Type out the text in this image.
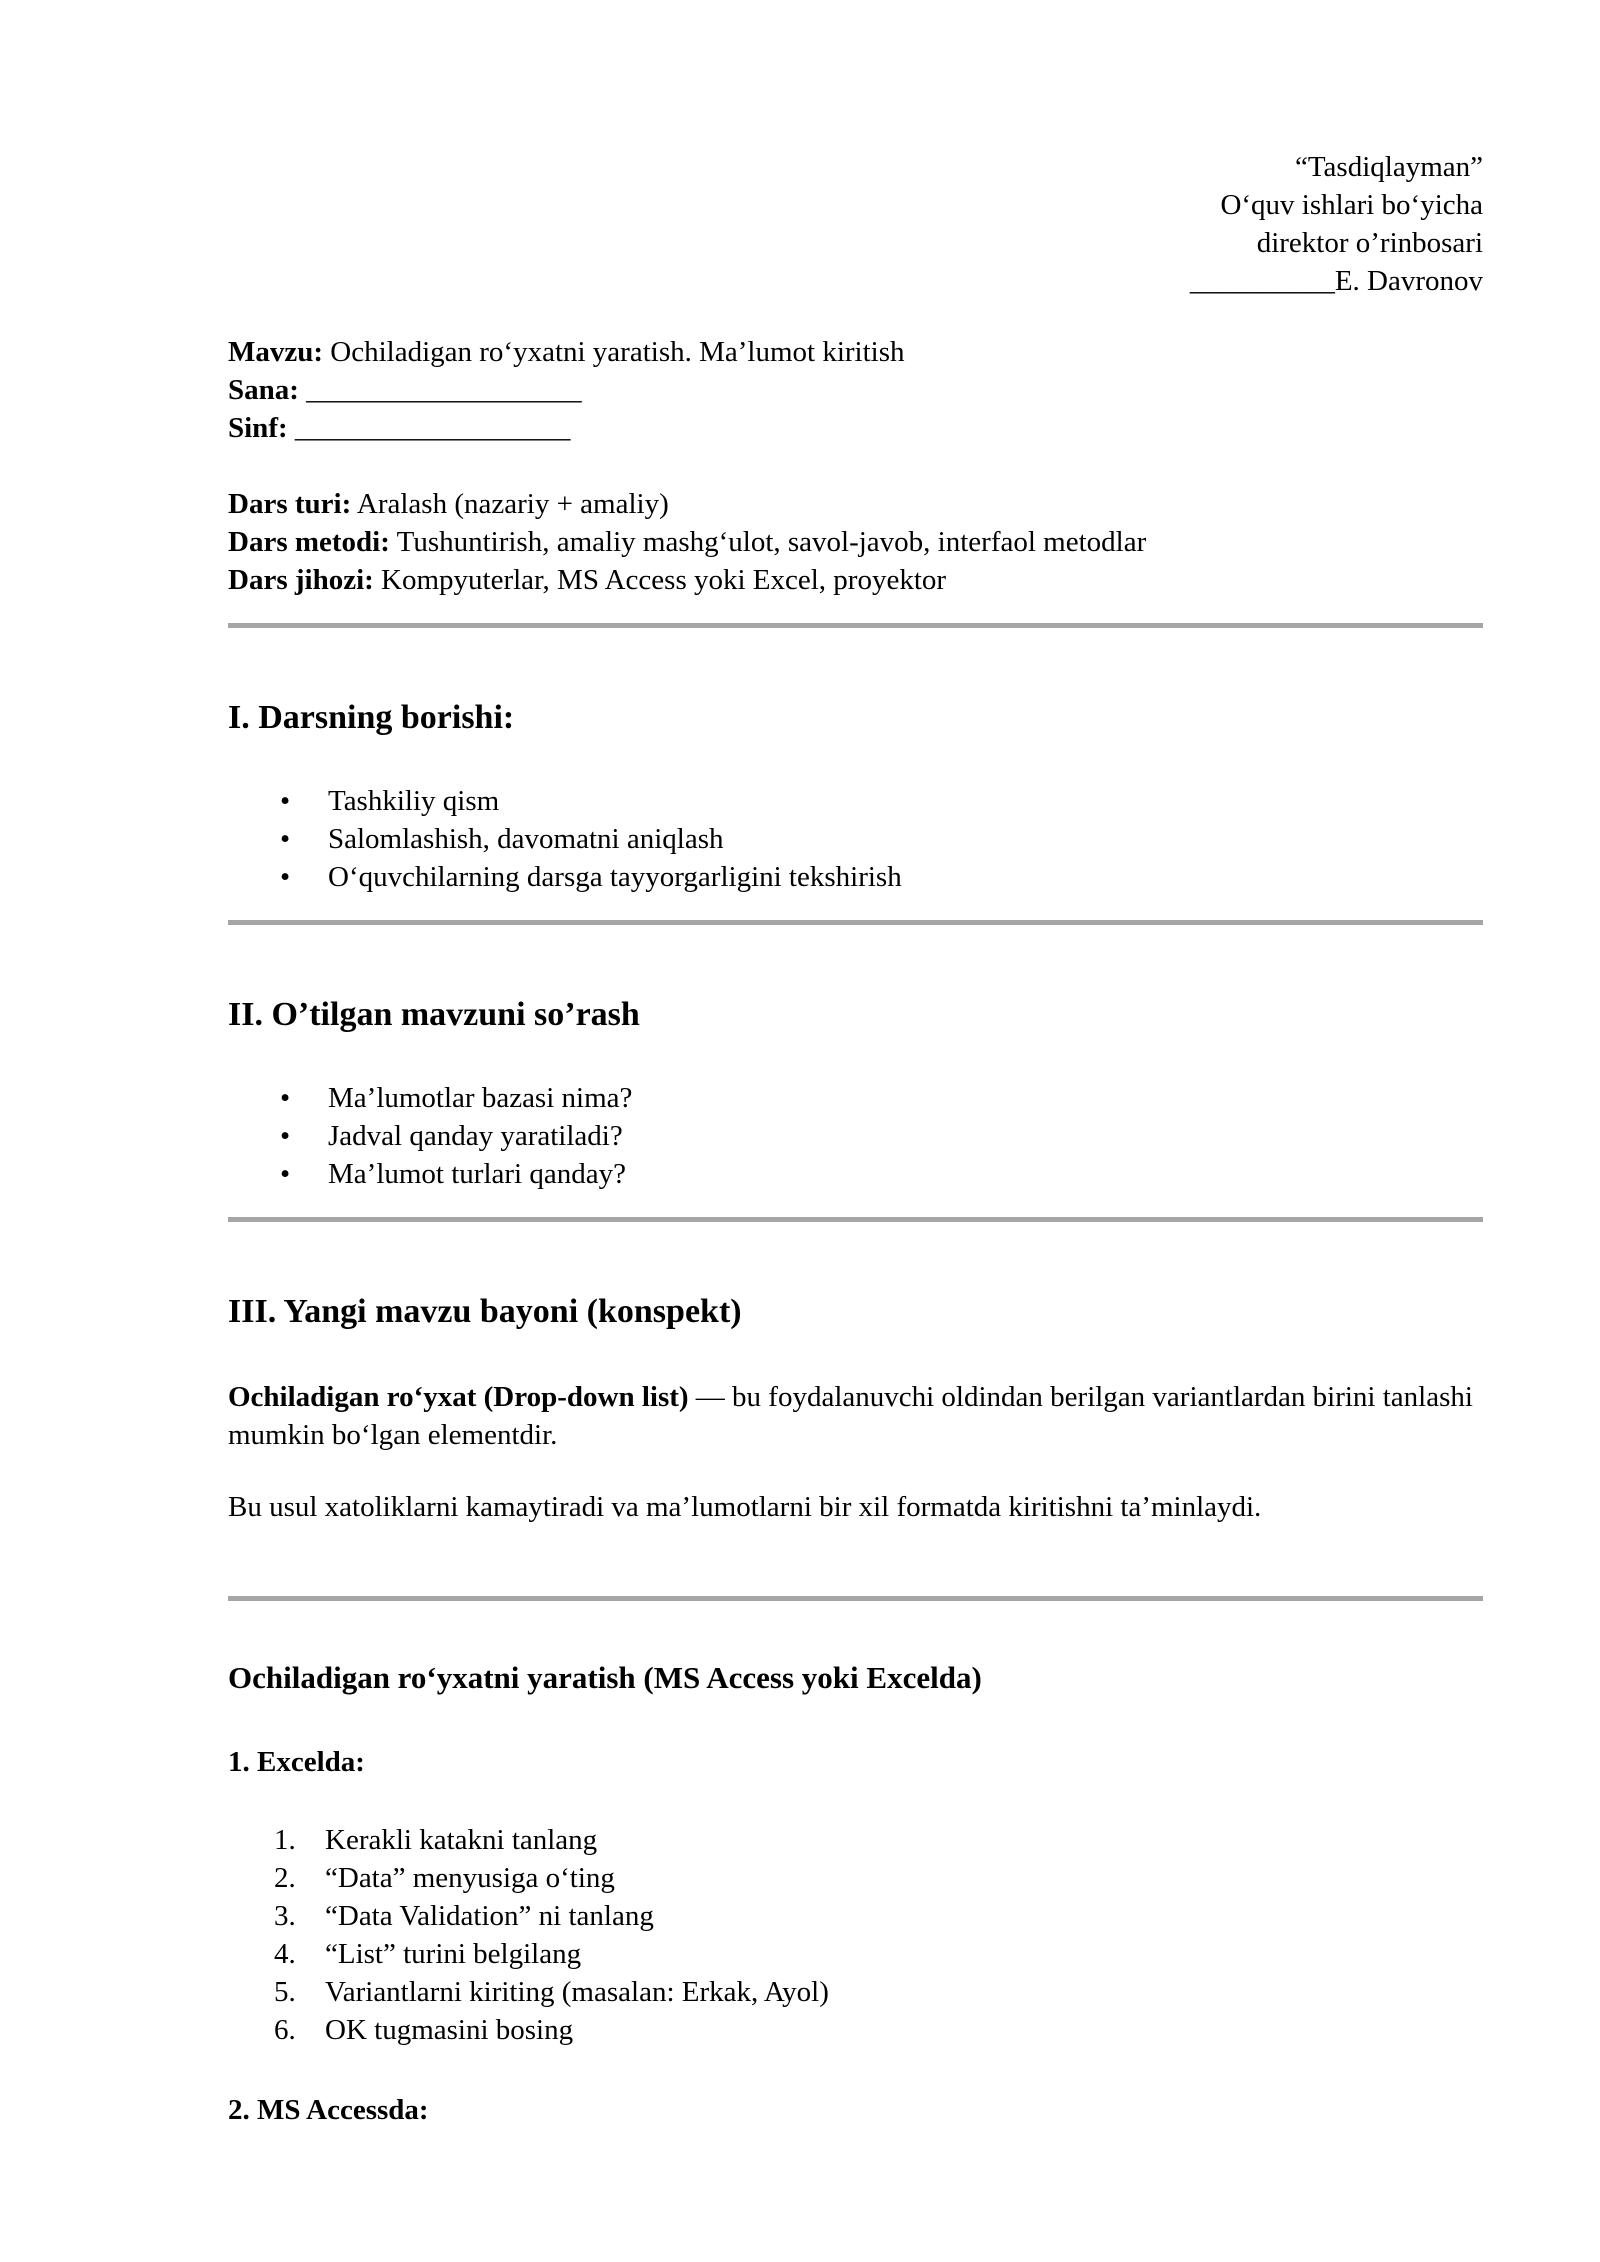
“Tasdiqlayman”
O‘quv ishlari bo‘yicha
direktor o’rinbosari
__________E. Davronov
Mavzu: Ochiladigan ro‘yxatni yaratish. Ma’lumot kiritish
Sana: ___________________
Sinf: ___________________
Dars turi: Aralash (nazariy + amaliy)
Dars metodi: Tushuntirish, amaliy mashg‘ulot, savol-javob, interfaol metodlar
Dars jihozi: Kompyuterlar, MS Access yoki Excel, proyektor
I. Darsning borishi:
• Tashkiliy qism
• Salomlashish, davomatni aniqlash
• O‘quvchilarning darsga tayyorgarligini tekshirish
II. O’tilgan mavzuni so’rash
• Ma’lumotlar bazasi nima?
• Jadval qanday yaratiladi?
• Ma’lumot turlari qanday?
III. Yangi mavzu bayoni (konspekt)

Ochiladigan ro‘yxat (Drop-down list) — bu foydalanuvchi oldindan berilgan variantlardan birini tanlashi mumkin bo‘lgan elementdir.

Bu usul xatoliklarni kamaytiradi va ma’lumotlarni bir xil formatda kiritishni ta’minlaydi.

Ochiladigan ro‘yxatni yaratish (MS Access yoki Excelda)
1. Excelda:
Kerakli katakni tanlang
“Data” menyusiga o‘ting
“Data Validation” ni tanlang
“List” turini belgilang
Variantlarni kiriting (masalan: Erkak, Ayol)
OK tugmasini bosing
2. MS Accessda:
